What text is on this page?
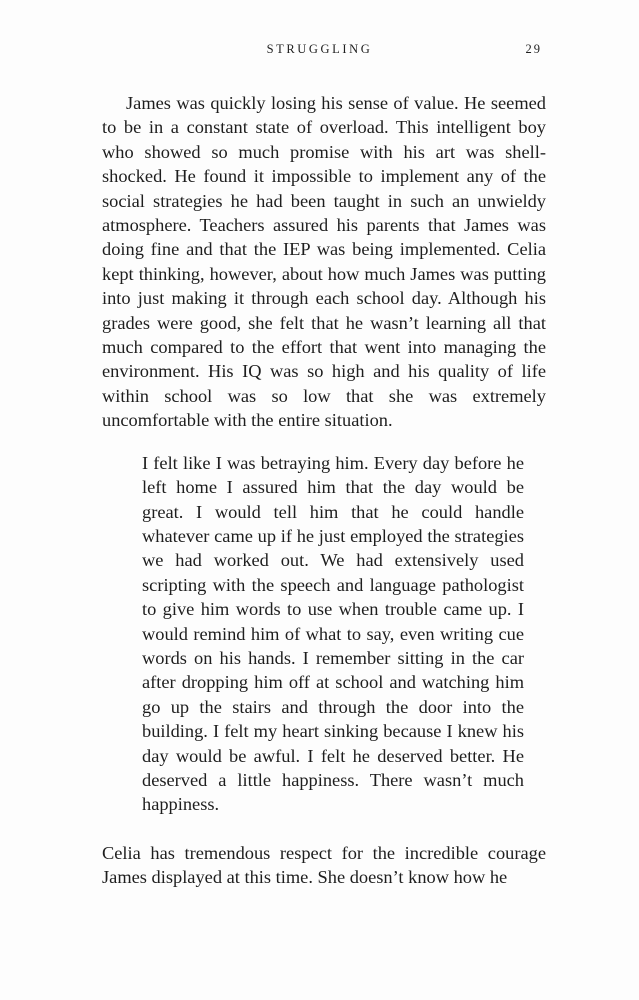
STRUGGLING	29

James was quickly losing his sense of value. He seemed to be in a constant state of overload. This intelligent boy who showed so much promise with his art was shell-shocked. He found it impossible to implement any of the social strategies he had been taught in such an unwieldy atmosphere. Teachers assured his parents that James was doing fine and that the IEP was being implemented. Celia kept thinking, however, about how much James was putting into just making it through each school day. Although his grades were good, she felt that he wasn’t learning all that much compared to the effort that went into managing the environment. His IQ was so high and his quality of life within school was so low that she was extremely uncomfortable with the entire situation.

I felt like I was betraying him. Every day before he left home I assured him that the day would be great. I would tell him that he could handle whatever came up if he just employed the strategies we had worked out. We had extensively used scripting with the speech and language pathologist to give him words to use when trouble came up. I would remind him of what to say, even writing cue words on his hands. I remember sitting in the car after dropping him off at school and watching him go up the stairs and through the door into the building. I felt my heart sinking because I knew his day would be awful. I felt he deserved better. He deserved a little happiness. There wasn’t much happiness.

Celia has tremendous respect for the incredible courage James displayed at this time. She doesn’t know how he
